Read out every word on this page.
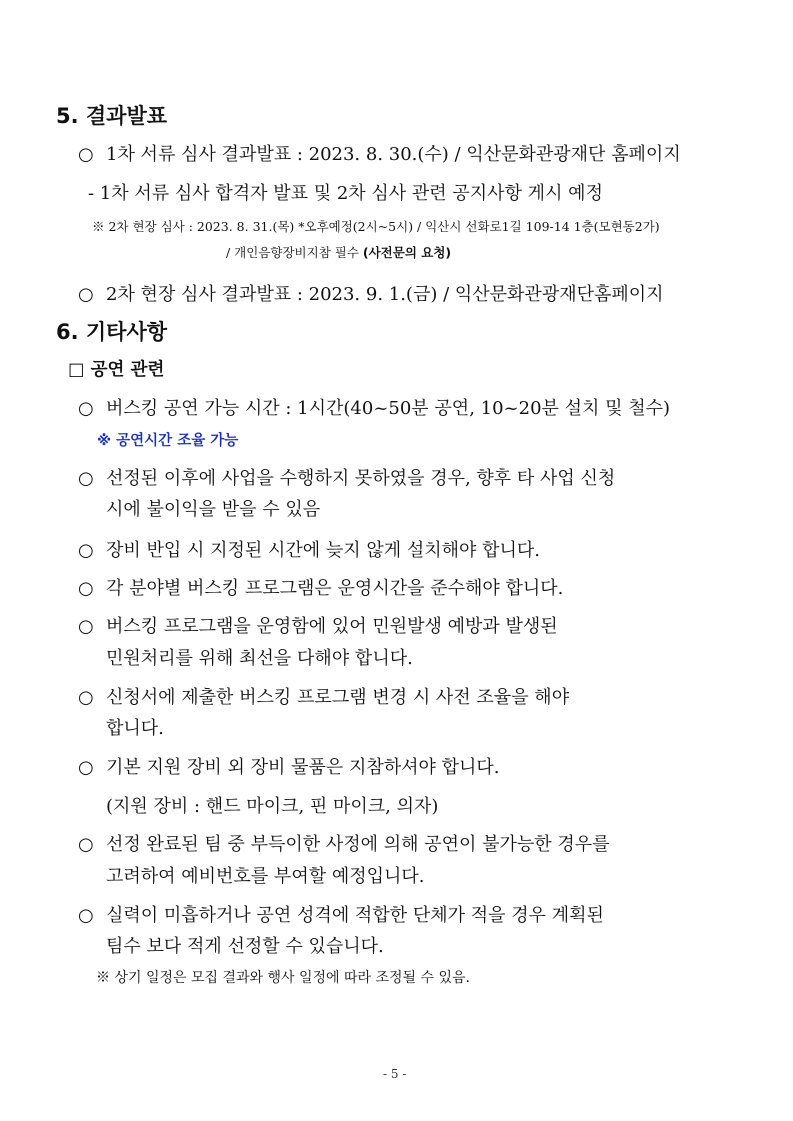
5. 결과발표
○ 1차 서류 심사 결과발표 : 2023. 8. 30.(수) / 익산문화관광재단 홈페이지
- 1차 서류 심사 합격자 발표 및 2차 심사 관련 공지사항 게시 예정
※ 2차 현장 심사 : 2023. 8. 31.(목) *오후예정(2시~5시) / 익산시 선화로1길 109-14 1층(모현동2가)
/ 개인음향장비지참 필수 (사전문의 요청)
○ 2차 현장 심사 결과발표 : 2023. 9. 1.(금) / 익산문화관광재단홈페이지
6. 기타사항
□ 공연 관련
○ 버스킹 공연 가능 시간 : 1시간(40~50분 공연, 10~20분 설치 및 철수)
※ 공연시간 조율 가능
○ 선정된 이후에 사업을 수행하지 못하였을 경우, 향후 타 사업 신청
시에 불이익을 받을 수 있음
○ 장비 반입 시 지정된 시간에 늦지 않게 설치해야 합니다.
○ 각 분야별 버스킹 프로그램은 운영시간을 준수해야 합니다.
○ 버스킹 프로그램을 운영함에 있어 민원발생 예방과 발생된
민원처리를 위해 최선을 다해야 합니다.
○ 신청서에 제출한 버스킹 프로그램 변경 시 사전 조율을 해야
합니다.
○ 기본 지원 장비 외 장비 물품은 지참하셔야 합니다.
(지원 장비 : 핸드 마이크, 핀 마이크, 의자)
○ 선정 완료된 팀 중 부득이한 사정에 의해 공연이 불가능한 경우를
고려하여 예비번호를 부여할 예정입니다.
○ 실력이 미흡하거나 공연 성격에 적합한 단체가 적을 경우 계획된
팀수 보다 적게 선정할 수 있습니다.
※ 상기 일정은 모집 결과와 행사 일정에 따라 조정될 수 있음.
- 5 -
